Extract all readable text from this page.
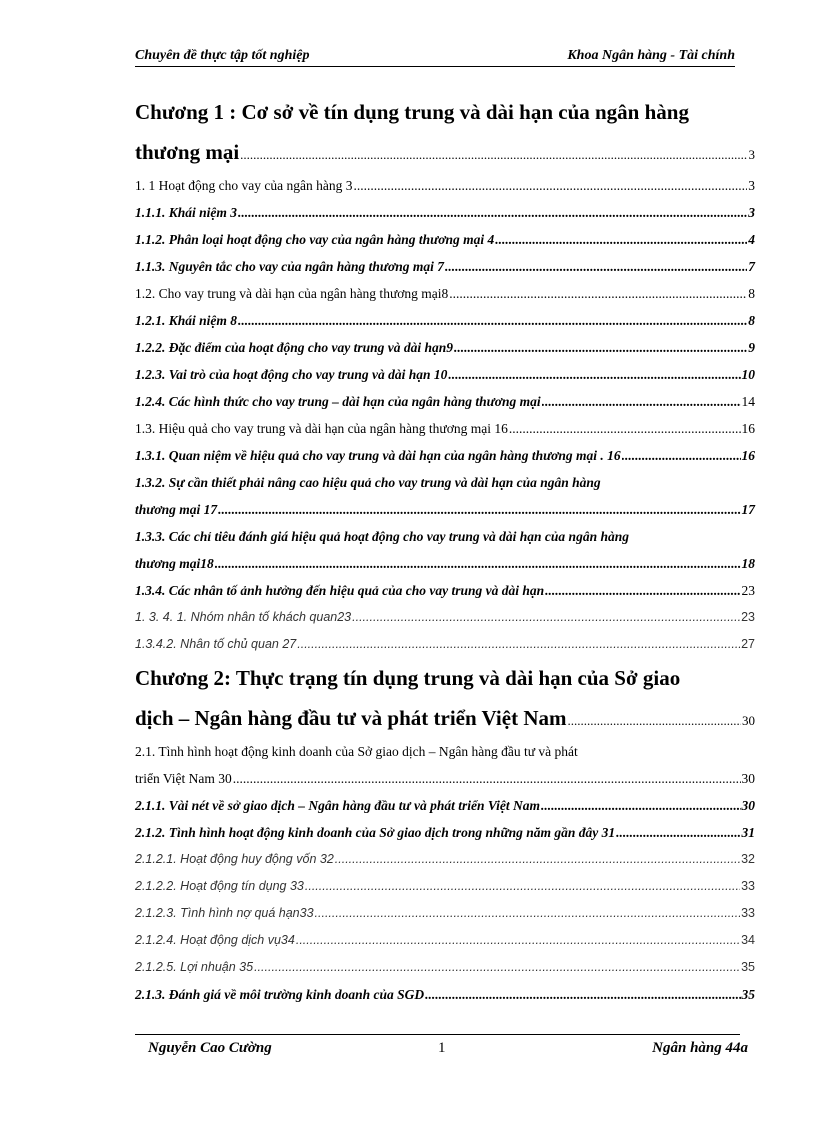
Chuyên đề thực tập tốt nghiệp	Khoa Ngân hàng - Tài chính
Chương 1 : Cơ sở về tín dụng trung và dài hạn của ngân hàng
thương mại .....	3
1. 1 Hoạt động cho vay của ngân hàng 3 .....	3
1.1.1. Khái niệm 3 .....	3
1.1.2. Phân loại hoạt động cho vay của ngân hàng thương mại 4 .....	4
1.1.3. Nguyên tắc cho vay của ngân hàng thương mại 7 .....	7
1.2. Cho vay trung và dài hạn của ngân hàng thương mại8 .....	8
1.2.1. Khái niệm 8 .....	8
1.2.2. Đặc điểm của hoạt động cho vay trung và dài hạn9 .....	9
1.2.3. Vai trò của hoạt động cho vay trung và dài hạn 10 .....	10
1.2.4. Các hình thức cho vay trung – dài hạn của ngân hàng thương mại .....	14
1.3. Hiệu quả cho vay trung và dài hạn của ngân hàng thương mại 16 .....	16
1.3.1. Quan niệm về hiệu quả cho vay trung và dài hạn của ngân hàng thương mại . 16 .....	16
1.3.2. Sự cần thiết phải nâng cao hiệu quả cho vay trung và dài hạn của ngân hàng
thương mại 17 .....	17
1.3.3. Các chỉ tiêu đánh giá hiệu quả hoạt động cho vay trung và dài hạn của ngân hàng
thương mại18 .....	18
1.3.4. Các nhân tố ảnh hưởng đến hiệu quả của cho vay trung và dài hạn .....	23
1. 3. 4. 1. Nhóm nhân tố khách quan23 .....	23
1.3.4.2. Nhân tố chủ quan 27 .....	27
Chương 2: Thực trạng tín dụng trung và dài hạn của Sở giao
dịch – Ngân hàng đầu tư và phát triển Việt Nam .....	30
2.1. Tình hình hoạt động kinh doanh của Sở giao dịch – Ngân hàng đầu tư và phát
triển Việt Nam 30 .....	30
2.1.1. Vài nét về sở giao dịch – Ngân hàng đầu tư và phát triển Việt Nam .....	30
2.1.2. Tình hình hoạt động kinh doanh của Sở giao dịch trong những năm gần đây 31 .....	31
2.1.2.1. Hoạt động huy động vốn 32 .....	32
2.1.2.2. Hoạt động tín dụng 33 .....	33
2.1.2.3. Tình hình nợ quá hạn33 .....	33
2.1.2.4. Hoạt động dịch vụ34 .....	34
2.1.2.5. Lợi nhuận 35 .....	35
2.1.3. Đánh giá về môi trường kinh doanh của SGD .....	35
Nguyễn Cao Cường	1	Ngân hàng 44a
